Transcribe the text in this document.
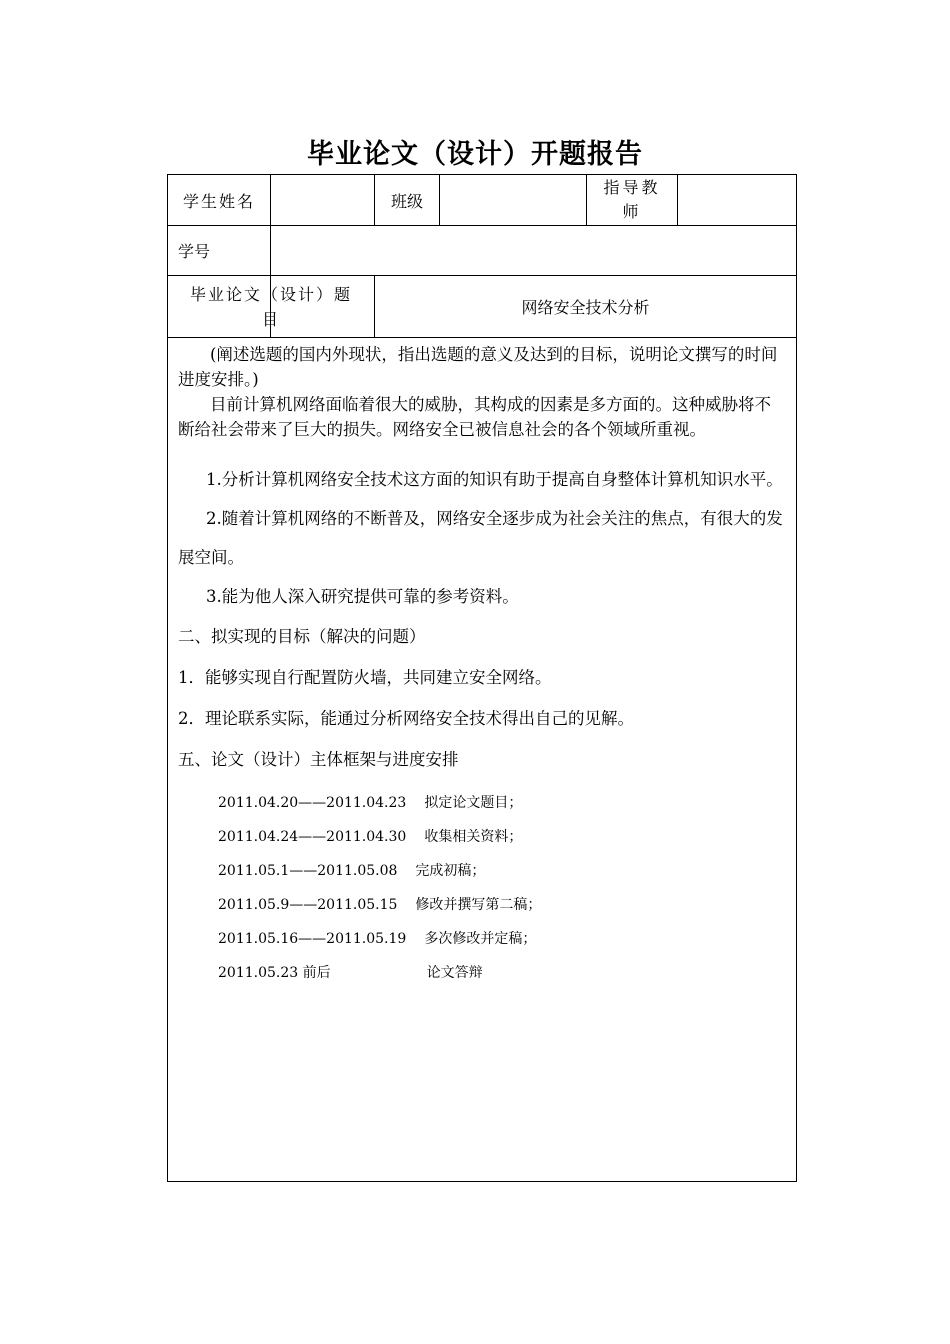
毕业论文（设计）开题报告
学生姓名	班级
指导教师
学号
毕业论文（设计）题目
网络安全技术分析

(阐述选题的国内外现状，指出选题的意义及达到的目标，说明论文撰写的时间进度安排。)

目前计算机网络面临着很大的威胁，其构成的因素是多方面的。这种威胁将不断给社会带来了巨大的损失。网络安全已被信息社会的各个领域所重视。

1.分析计算机网络安全技术这方面的知识有助于提高自身整体计算机知识水平。

2.随着计算机网络的不断普及，网络安全逐步成为社会关注的焦点，有很大的发展空间。

3.能为他人深入研究提供可靠的参考资料。

二、拟实现的目标（解决的问题）

1．能够实现自行配置防火墙，共同建立安全网络。

2．理论联系实际，能通过分析网络安全技术得出自己的见解。

五、论文（设计）主体框架与进度安排

2011.04.20——2011.04.23 拟定论文题目；

2011.04.24——2011.04.30 收集相关资料；

2011.05.1——2011.05.08 完成初稿；

2011.05.9——2011.05.15 修改并撰写第二稿；

2011.05.16——2011.05.19 多次修改并定稿；

2011.05.23 前后	论文答辩
